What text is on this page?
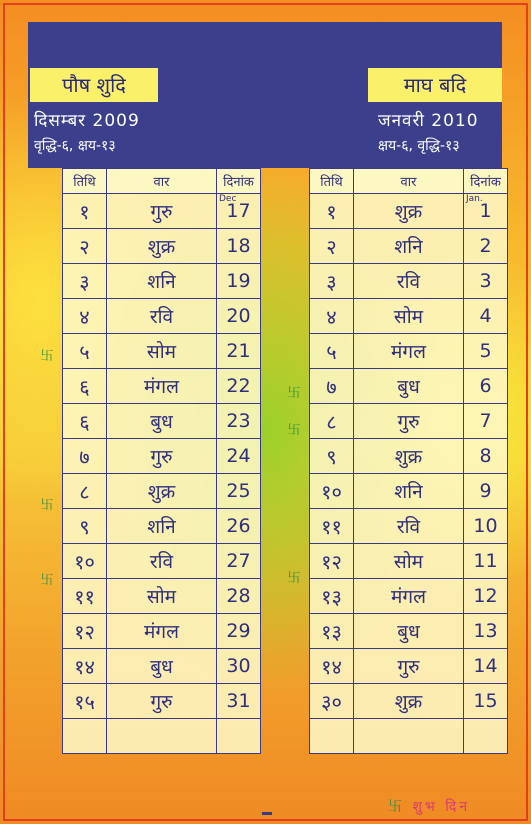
पौष शुदि	माघ बदि
दिसम्बर 2009	जनवरी 2010
वृद्धि-६, क्षय-१३	क्षय-६, वृद्धि-१३
तिथि	वार	दिनांक
१	गुरु	17
Dec

२	शुक्र	18
३	शनि	19
४	रवि	20
५	सोम	21
६	मंगल	22
६	बुध	23
७	गुरु	24
८	शुक्र	25
९	शनि	26
१०	रवि	27
११	सोम	28
१२	मंगल	29
१४	बुध	30
१५	गुरु	31

तिथि	वार	दिनांक
१	शुक्र	1
Jan.

२	शनि	2
३	रवि	3
४	सोम	4
५	मंगल	5
७	बुध	6
८	गुरु	7
९	शुक्र	8
१०	शनि	9
११	रवि	10
१२	सोम	11
१३	मंगल	12
१३	बुध	13
१४	गुरु	14
३०	शुक्र	15

卐
卐
卐
卐
卐
卐
卐 शुभ दिन
